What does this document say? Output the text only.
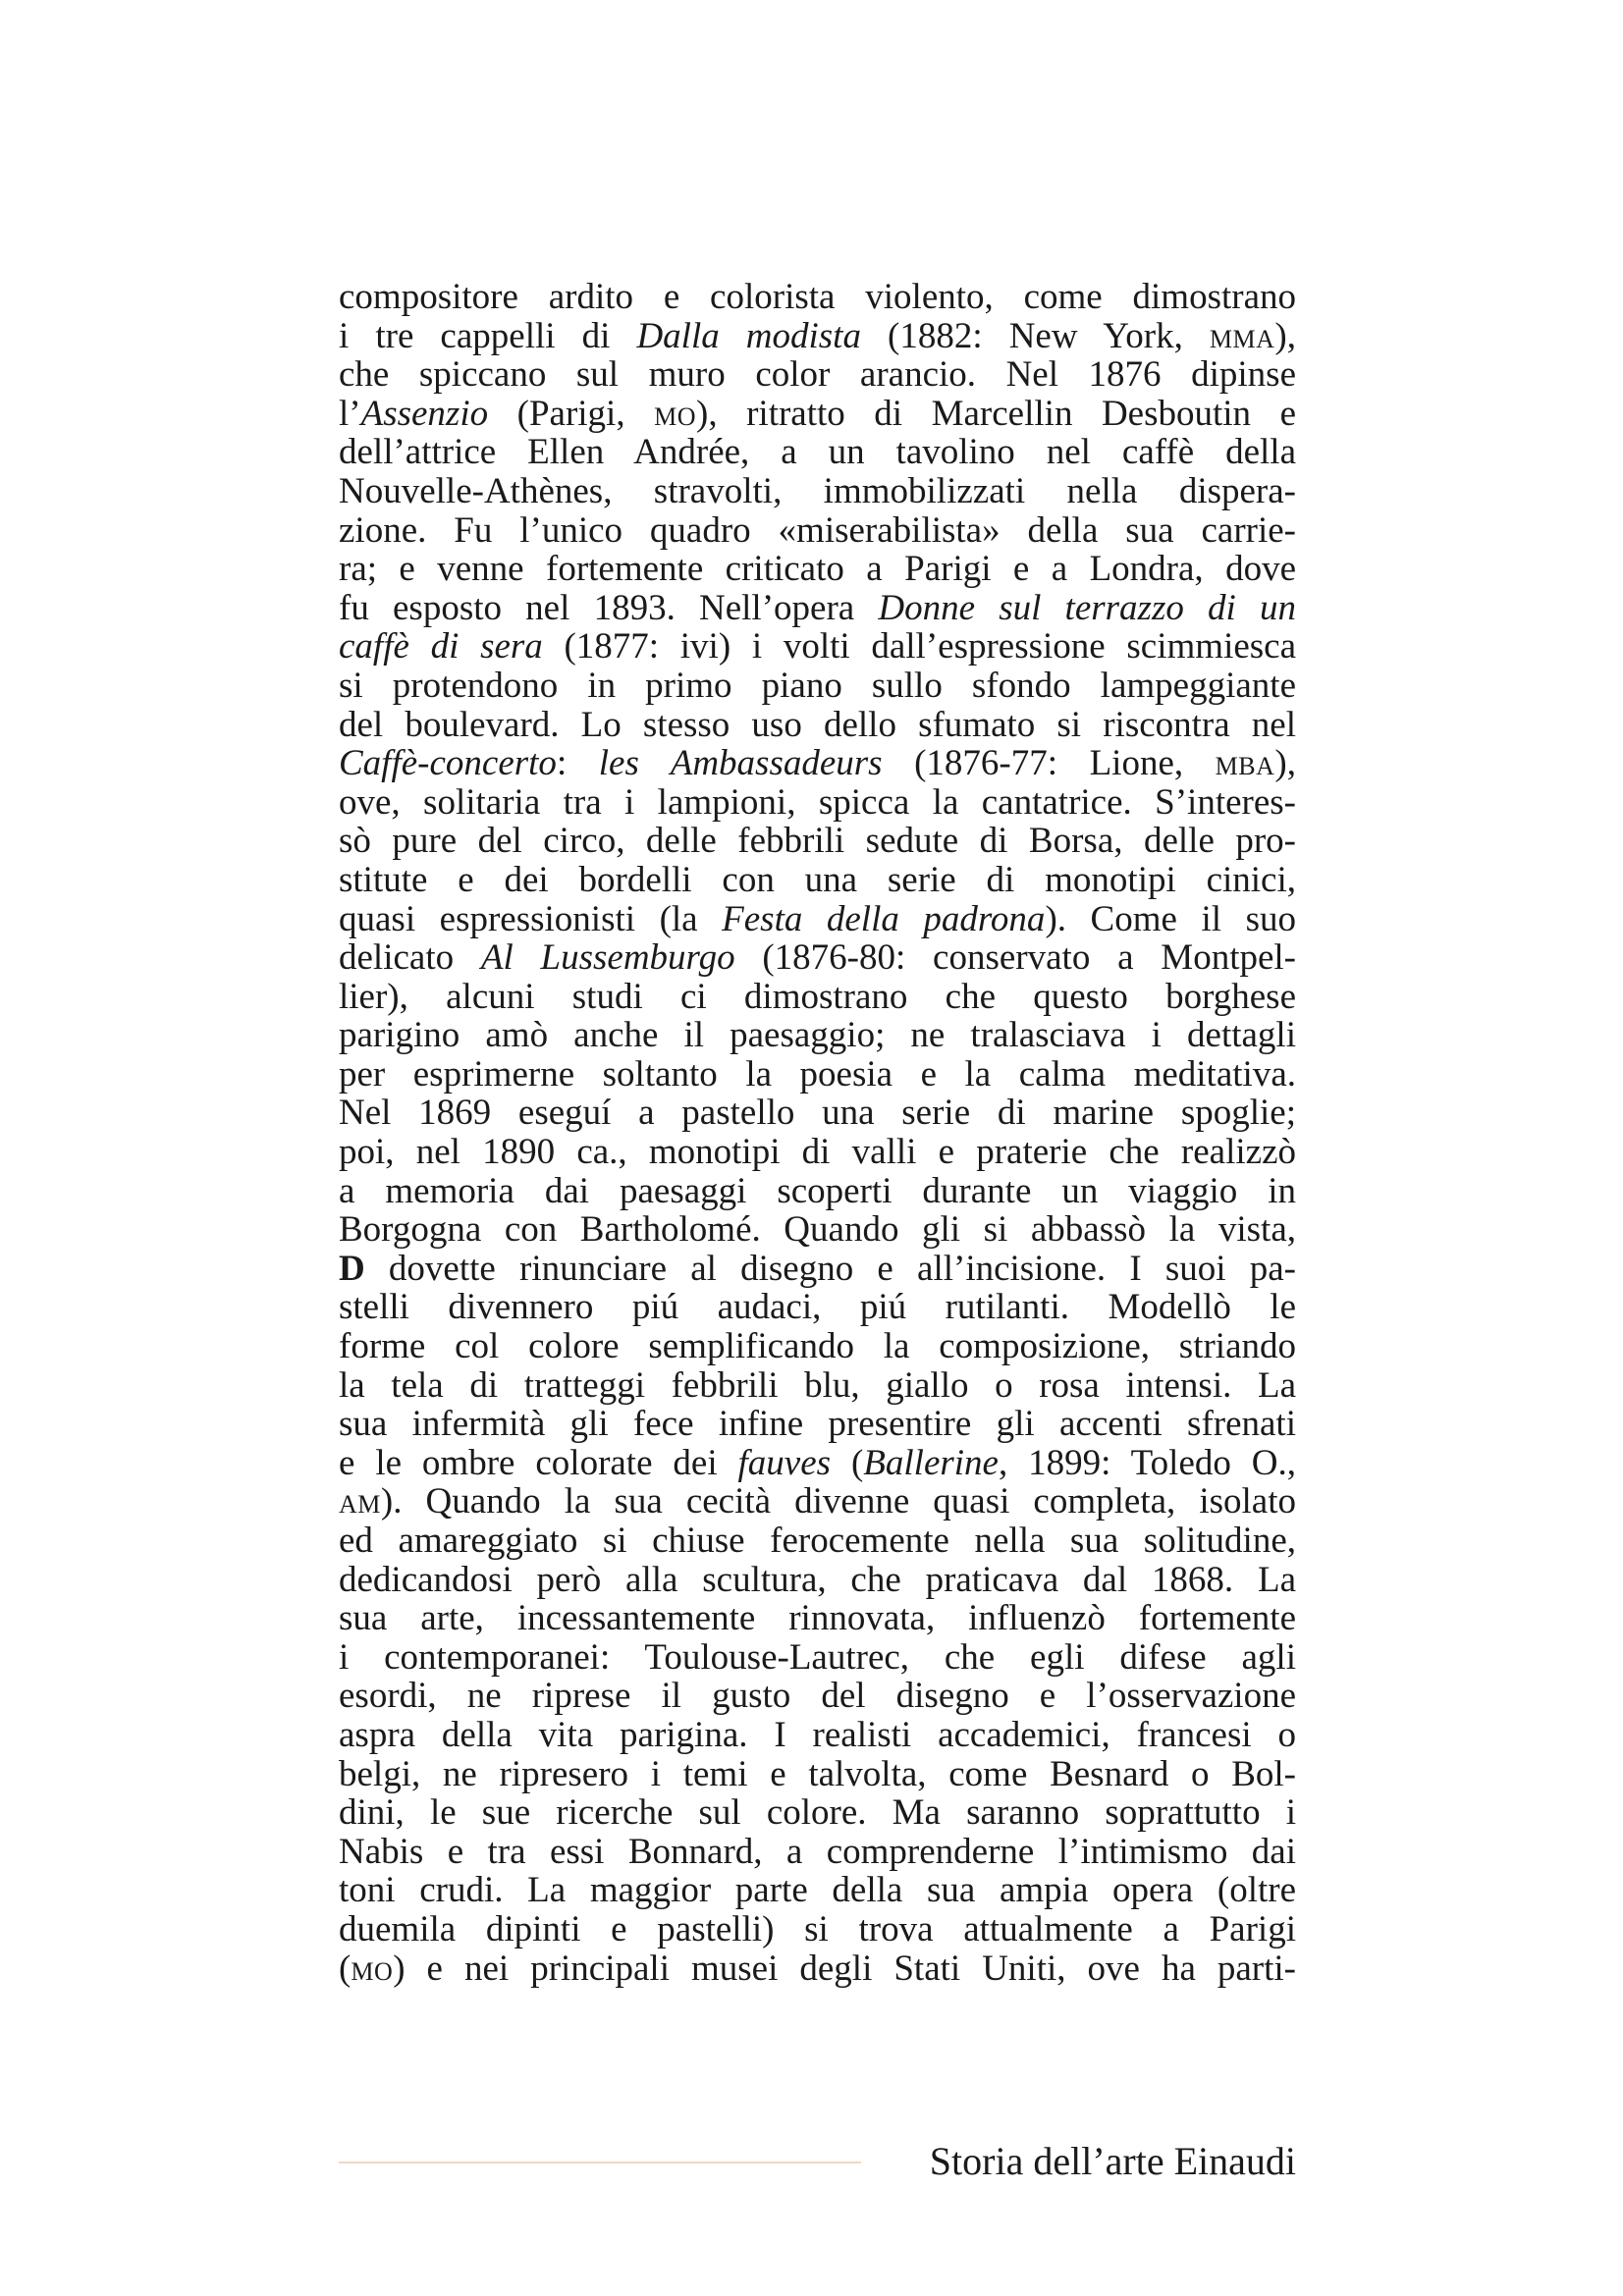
compositore ardito e colorista violento, come dimostrano
i tre cappelli di Dalla modista (1882: New York, mma),
che spiccano sul muro color arancio. Nel 1876 dipinse
l’Assenzio (Parigi, mo), ritratto di Marcellin Desboutin e
dell’attrice Ellen Andrée, a un tavolino nel caffè della
Nouvelle-Athènes, stravolti, immobilizzati nella dispera-
zione. Fu l’unico quadro «miserabilista» della sua carrie-
ra; e venne fortemente criticato a Parigi e a Londra, dove
fu esposto nel 1893. Nell’opera Donne sul terrazzo di un
caffè di sera (1877: ivi) i volti dall’espressione scimmiesca
si protendono in primo piano sullo sfondo lampeggiante
del boulevard. Lo stesso uso dello sfumato si riscontra nel
Caffè-concerto: les Ambassadeurs (1876-77: Lione, mba),
ove, solitaria tra i lampioni, spicca la cantatrice. S’interes-
sò pure del circo, delle febbrili sedute di Borsa, delle pro-
stitute e dei bordelli con una serie di monotipi cinici,
quasi espressionisti (la Festa della padrona). Come il suo
delicato Al Lussemburgo (1876-80: conservato a Montpel-
lier), alcuni studi ci dimostrano che questo borghese
parigino amò anche il paesaggio; ne tralasciava i dettagli
per esprimerne soltanto la poesia e la calma meditativa.
Nel 1869 eseguí a pastello una serie di marine spoglie;
poi, nel 1890 ca., monotipi di valli e praterie che realizzò
a memoria dai paesaggi scoperti durante un viaggio in
Borgogna con Bartholomé. Quando gli si abbassò la vista,
D dovette rinunciare al disegno e all’incisione. I suoi pa-
stelli divennero piú audaci, piú rutilanti. Modellò le
forme col colore semplificando la composizione, striando
la tela di tratteggi febbrili blu, giallo o rosa intensi. La
sua infermità gli fece infine presentire gli accenti sfrenati
e le ombre colorate dei fauves (Ballerine, 1899: Toledo O.,
am). Quando la sua cecità divenne quasi completa, isolato
ed amareggiato si chiuse ferocemente nella sua solitudine,
dedicandosi però alla scultura, che praticava dal 1868. La
sua arte, incessantemente rinnovata, influenzò fortemente
i contemporanei: Toulouse-Lautrec, che egli difese agli
esordi, ne riprese il gusto del disegno e l’osservazione
aspra della vita parigina. I realisti accademici, francesi o
belgi, ne ripresero i temi e talvolta, come Besnard o Bol-
dini, le sue ricerche sul colore. Ma saranno soprattutto i
Nabis e tra essi Bonnard, a comprenderne l’intimismo dai
toni crudi. La maggior parte della sua ampia opera (oltre
duemila dipinti e pastelli) si trova attualmente a Parigi
(mo) e nei principali musei degli Stati Uniti, ove ha parti-
Storia dell’arte Einaudi
